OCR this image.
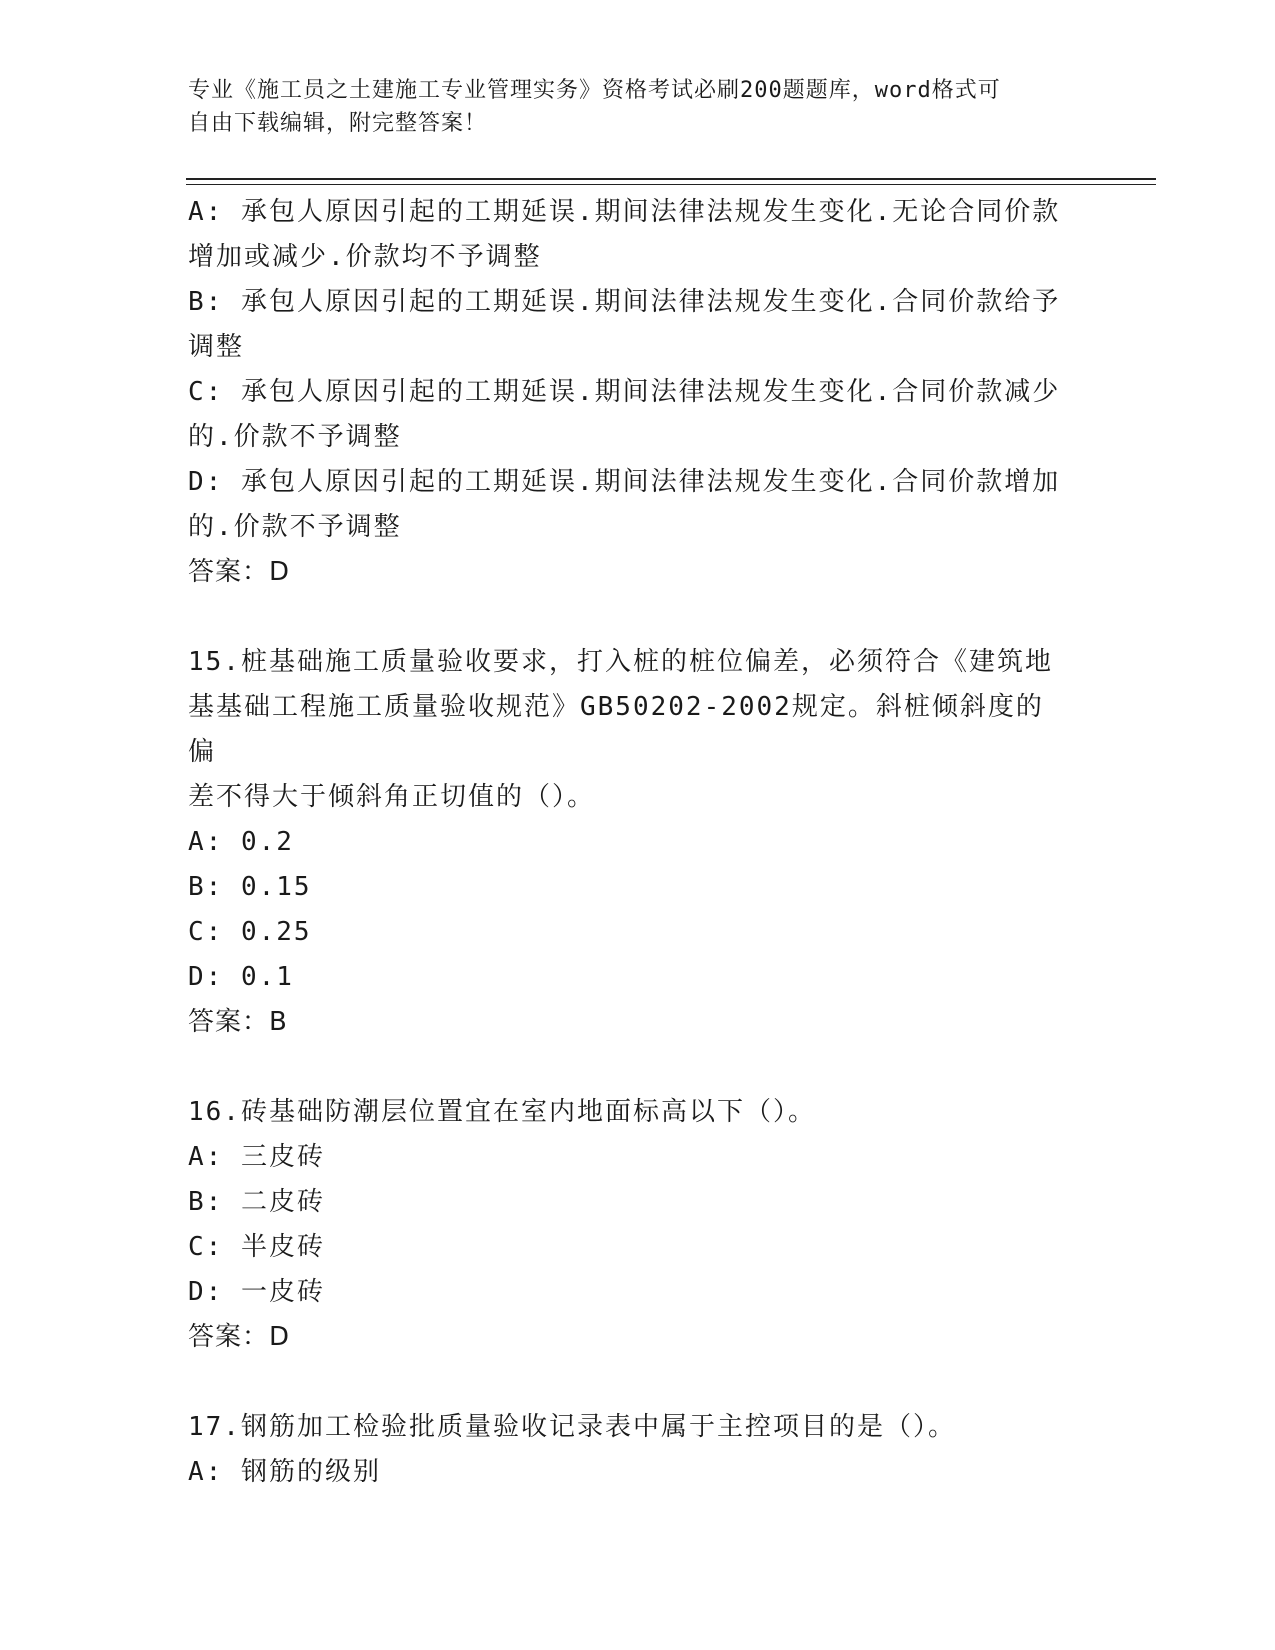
专业《施工员之土建施工专业管理实务》资格考试必刷200题题库，word格式可
自由下载编辑，附完整答案！
A: 承包人原因引起的工期延误.期间法律法规发生变化.无论合同价款
增加或减少.价款均不予调整
B: 承包人原因引起的工期延误.期间法律法规发生变化.合同价款给予
调整
C: 承包人原因引起的工期延误.期间法律法规发生变化.合同价款减少
的.价款不予调整
D: 承包人原因引起的工期延误.期间法律法规发生变化.合同价款增加
的.价款不予调整
答案：D
15.桩基础施工质量验收要求，打入桩的桩位偏差，必须符合《建筑地
基基础工程施工质量验收规范》GB50202-2002规定。斜桩倾斜度的偏
差不得大于倾斜角正切值的（）。
A: 0.2
B: 0.15
C: 0.25
D: 0.1
答案：B
16.砖基础防潮层位置宜在室内地面标高以下（）。
A: 三皮砖
B: 二皮砖
C: 半皮砖
D: 一皮砖
答案：D
17.钢筋加工检验批质量验收记录表中属于主控项目的是（）。
A: 钢筋的级别
